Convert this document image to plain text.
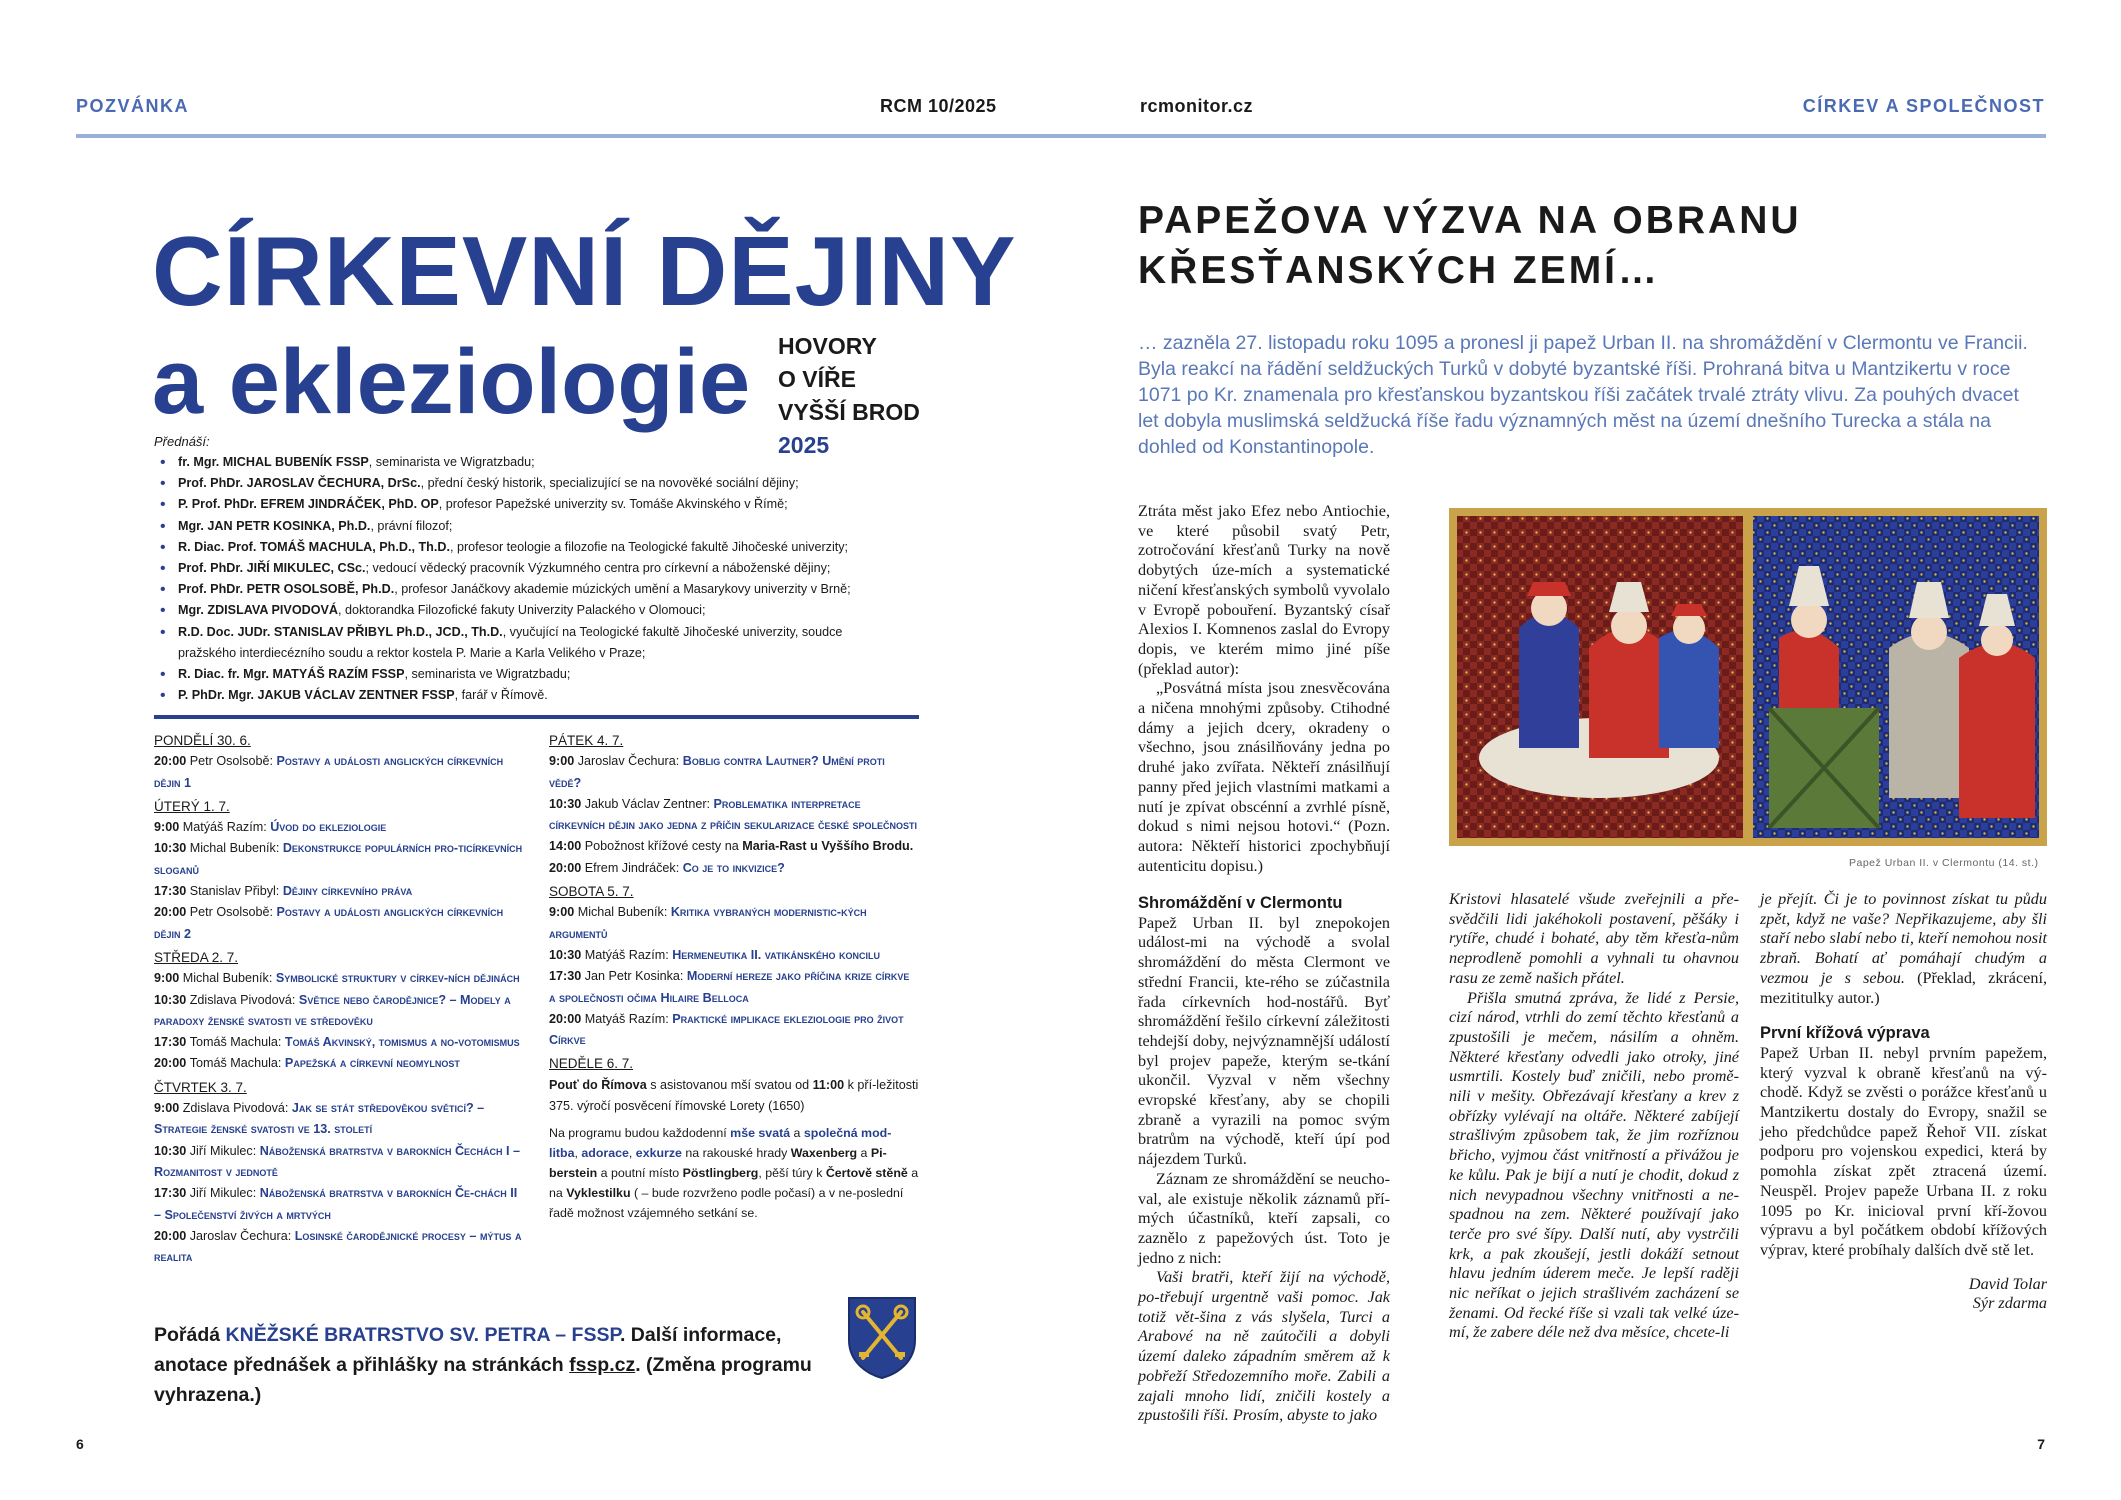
POZVÁNKA	RCM 10/2025	rcmonitor.cz	CÍRKEV A SPOLEČNOST
CÍRKEVNÍ DĚJINY
a ekleziologie HOVORY
O VÍŘE
VYŠŠÍ BROD
2025
Přednáší:
• fr. Mgr. MICHAL BUBENÍK FSSP, seminarista ve Wigratzbadu;
• Prof. PhDr. JAROSLAV ČECHURA, DrSc., přední český historik, specializující se na novověké sociální dějiny;
• P. Prof. PhDr. EFREM JINDRÁČEK, PhD. OP, profesor Papežské univerzity sv. Tomáše Akvinského v Římě;
• Mgr. JAN PETR KOSINKA, Ph.D., právní filozof;
• R. Diac. Prof. TOMÁŠ MACHULA, Ph.D., Th.D., profesor teologie a filozofie na Teologické fakultě Jihočeské univerzity;
• Prof. PhDr. JIŘÍ MIKULEC, CSc.; vedoucí vědecký pracovník Výzkumného centra pro církevní a náboženské dějiny;
• Prof. PhDr. PETR OSOLSOBĚ, Ph.D., profesor Janáčkovy akademie múzických umění a Masarykovy univerzity v Brně;
• Mgr. ZDISLAVA PIVODOVÁ, doktorandka Filozofické fakuty Univerzity Palackého v Olomouci;
• R.D. Doc. JUDr. STANISLAV PŘIBYL Ph.D., JCD., Th.D., vyučující na Teologické fakultě Jihočeské univerzity, soudce
pražského interdiecézního soudu a rektor kostela P. Marie a Karla Velikého v Praze;
• R. Diac. fr. Mgr. MATYÁŠ RAZÍM FSSP, seminarista ve Wigratzbadu;
• P. PhDr. Mgr. JAKUB VÁCLAV ZENTNER FSSP, farář v Římově.

PONDĚLÍ 30. 6.

20:00 Petr Osolsobě: Postavy a události anglických církevních dějin 1

ÚTERÝ 1. 7.

9:00 Matýáš Razím: Úvod do ekleziologie

10:30 Michal Bubeník: Dekonstrukce populárních pro-ticírkevních sloganů

17:30 Stanislav Přibyl: Dějiny církevního práva

20:00 Petr Osolsobě: Postavy a události anglických církevních dějin 2

STŘEDA 2. 7.

9:00 Michal Bubeník: Symbolické struktury v církev-ních dějinách

10:30 Zdislava Pivodová: Světice nebo čarodějnice? – Modely a paradoxy ženské svatosti ve středověku

17:30 Tomáš Machula: Tomáš Akvinský, tomismus a no-votomismus

20:00 Tomáš Machula: Papežská a církevní neomylnost

ČTVRTEK 3. 7.

9:00 Zdislava Pivodová: Jak se stát středověkou světicí? – Strategie ženské svatosti ve 13. století

10:30 Jiří Mikulec: Náboženská bratrstva v barokních Čechách I – Rozmanitost v jednotě

17:30 Jiří Mikulec: Náboženská bratrstva v barokních Če-chách II – Společenství živých a mrtvých

20:00 Jaroslav Čechura: Losinské čarodějnické procesy – mýtus a realita

PÁTEK 4. 7.

9:00 Jaroslav Čechura: Boblig contra Lautner? Umění proti vědě?

10:30 Jakub Václav Zentner: Problematika interpretace církevních dějin jako jedna z příčin sekularizace české společnosti

14:00 Pobožnost křížové cesty na Maria-Rast u Vyššího Brodu.

20:00 Efrem Jindráček: Co je to inkvizice?

SOBOTA 5. 7.

9:00 Michal Bubeník: Kritika vybraných modernistic-kých argumentů

10:30 Matýáš Razím: Hermeneutika II. vatikánského koncilu

17:30 Jan Petr Kosinka: Moderní hereze jako příčina krize církve a společnosti očima Hilaire Belloca

20:00 Matyáš Razím: Praktické implikace ekleziologie pro život Církve

NEDĚLE 6. 7.

Pouť do Římova s asistovanou mší svatou od 11:00 k pří-ležitosti 375. výročí posvěcení římovské Lorety (1650)

Na programu budou každodenní mše svatá a společná mod-litba, adorace, exkurze na rakouské hrady Waxenberg a Pi-berstein a poutní místo Pöstlingberg, pěší túry k Čertově stěně a na Vyklestilku ( – bude rozvrženo podle počasí) a v ne-poslední řadě možnost vzájemného setkání se.

Pořádá KNĚŽSKÉ BRATRSTVO SV. PETRA – FSSP. Další informace, anotace přednášek a přihlášky na stránkách fssp.cz. (Změna programu vyhrazena.)
6
PAPEŽOVA VÝZVA NA OBRANU
KŘESŤANSKÝCH ZEMÍ…
… zazněla 27. listopadu roku 1095 a pronesl ji papež Urban II. na shromáždění v Clermontu ve Francii. Byla reakcí na řádění seldžuckých Turků v dobyté byzantské říši. Prohraná bitva u Mantzikertu v roce 1071 po Kr. znamenala pro křesťanskou byzantskou říši začátek trvalé ztráty vlivu. Za pouhých dvacet let dobyla muslimská seldžucká říše řadu významných měst na území dnešního Turecka a stála na dohled od Konstantinopole.

Ztráta měst jako Efez nebo Antiochie, ve které působil svatý Petr, zotročování křesťanů Turky na nově dobytých úze-mích a systematické ničení křesťanských symbolů vyvolalo v Evropě pobouření. Byzantský císař Alexios I. Komnenos zaslal do Evropy dopis, ve kterém mimo jiné píše (překlad autor):

„Posvátná místa jsou znesvěcována a ničena mnohými způsoby. Ctihodné dámy a jejich dcery, okradeny o všechno, jsou znásilňovány jedna po druhé jako zvířata. Někteří znásilňují panny před jejich vlastními matkami a nutí je zpívat obscénní a zvrhlé písně, dokud s nimi nejsou hotovi.“ (Pozn. autora: Někteří historici zpochybňují autenticitu dopisu.)	Papež Urban II. v Clermontu (14. st.)
Shromáždění v Clermontu

Papež Urban II. byl znepokojen událost-mi na východě a svolal shromáždění do města Clermont ve střední Francii, kte-rého se zúčastnila řada církevních hod-nostářů. Byť shromáždění řešilo církevní záležitosti tehdejší doby, nejvýznamnější událostí byl projev papeže, kterým se-tkání ukončil. Vyzval v něm všechny evropské křesťany, aby se chopili zbraně a vyrazili na pomoc svým bratrům na východě, kteří úpí pod nájezdem Turků.

Záznam ze shromáždění se neucho-val, ale existuje několik záznamů pří-mých účastníků, kteří zapsali, co zaznělo z papežových úst. Toto je jedno z nich:

Vaši bratři, kteří žijí na východě, po-třebují urgentně vaši pomoc. Jak totiž vět-šina z vás slyšela, Turci a Arabové na ně zaútočili a dobyli území daleko západním směrem až k pobřeží Středozemního moře. Zabili a zajali mnoho lidí, zničili kostely a zpustošili říši. Prosím, abyste to jako

Kristovi hlasatelé všude zveřejnili a pře-svědčili lidi jakéhokoli postavení, pěšáky i rytíře, chudé i bohaté, aby těm křesťa-nům neprodleně pomohli a vyhnali tu ohavnou rasu ze země našich přátel.

Přišla smutná zpráva, že lidé z Persie, cizí národ, vtrhli do zemí těchto křesťanů a zpustošili je mečem, násilím a ohněm. Některé křesťany odvedli jako otroky, jiné usmrtili. Kostely buď zničili, nebo promě-nili v mešity. Obřezávají křesťany a krev z obřízky vylévají na oltáře. Některé zabíjejí strašlivým způsobem tak, že jim rozříznou břicho, vyjmou část vnitřností a přivážou je ke kůlu. Pak je bijí a nutí je chodit, dokud z nich nevypadnou všechny vnitřnosti a ne-spadnou na zem. Některé používají jako terče pro své šípy. Další nutí, aby vystrčili krk, a pak zkoušejí, jestli dokáží setnout hlavu jedním úderem meče. Je lepší raději nic neříkat o jejich strašlivém zacházení se ženami. Od řecké říše si vzali tak velké úze-mí, že zabere déle než dva měsíce, chcete-li

je přejít. Či je to povinnost získat tu půdu zpět, když ne vaše? Nepřikazujeme, aby šli staří nebo slabí nebo ti, kteří nemohou nosit zbraň. Bohatí ať pomáhají chudým a vezmou je s sebou. (Překlad, zkrácení, mezititulky autor.)

První křížová výprava

Papež Urban II. nebyl prvním papežem, který vyzval k obraně křesťanů na vý-chodě. Když se zvěsti o porážce křesťanů u Mantzikertu dostaly do Evropy, snažil se jeho předchůdce papež Řehoř VII. získat podporu pro vojenskou expedici, která by pomohla získat zpět ztracená území. Neuspěl. Projev papeže Urbana II. z roku 1095 po Kr. inicioval první kří-žovou výpravu a byl počátkem období křížových výprav, které probíhaly dalších dvě stě let.

David Tolar
Sýr zdarma
7
